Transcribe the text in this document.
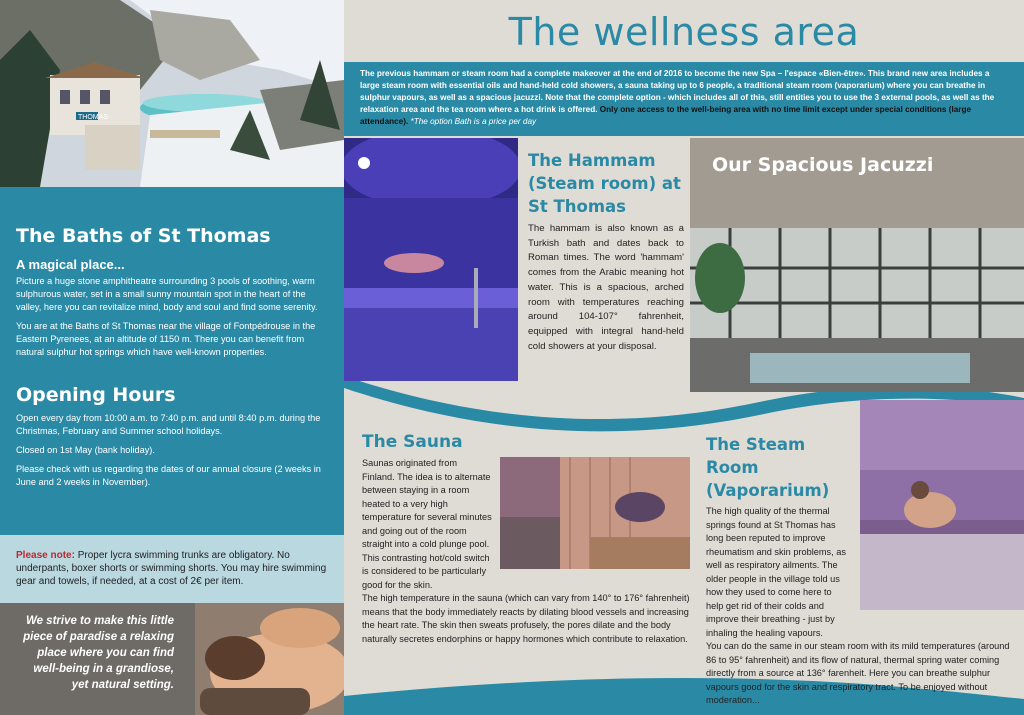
THOMAS
The Baths of St Thomas
A magical place...

Picture a huge stone amphitheatre surrounding 3 pools of soothing, warm sulphurous water, set in a small sunny mountain spot in the heart of the valley, here you can revitalize mind, body and soul and find some serenity.

You are at the Baths of St Thomas near the village of Fontpédrouse in the Eastern Pyrenees, at an altitude of 1150 m. There you can benefit from natural sulphur hot springs which have well-known properties.

Opening Hours

Open every day from 10:00 a.m. to 7:40 p.m. and until 8:40 p.m. during the Christmas, February and Summer school holidays.

Closed on 1st May (bank holiday).

Please check with us regarding the dates of our annual closure (2 weeks in June and 2 weeks in November).

Please note: Proper lycra swimming trunks are obligatory. No underpants, boxer shorts or swimming shorts. You may hire swimming gear and towels, if needed, at a cost of 2€ per item.
We strive to make this little piece of paradise a relaxing place where you can find well-being in a grandiose, yet natural setting.
The wellness area
The previous hammam or steam room had a complete makeover at the end of 2016 to become the new Spa – l'espace «Bien-être». This brand new area includes a large steam room with essential oils and hand-held cold showers, a sauna taking up to 6 people, a traditional steam room (vaporarium) where you can breathe in sulphur vapours, as well as a spacious jacuzzi. Note that the complete option - which includes all of this, still entities you to use the 3 external pools, as well as the relaxation area and the tea room where a hot drink is offered. Only one access to the well-being area with no time limit except under special conditions (large attendance). *The option Bath is a price per day
The Hammam (Steam room) at St Thomas

The hammam is also known as a Turkish bath and dates back to Roman times. The word 'hammam' comes from the Arabic meaning hot water. This is a spacious, arched room with temperatures reaching around 104-107° fahrenheit, equipped with integral hand-held cold showers at your disposal.

Our Spacious Jacuzzi
The Sauna

Saunas originated from Finland. The idea is to alternate between staying in a room heated to a very high temperature for several minutes and going out of the room straight into a cold plunge pool. This contrasting hot/cold switch is considered to be particularly good for the skin.

The high temperature in the sauna (which can vary from 140° to 176° fahrenheit) means that the body immediately reacts by dilating blood vessels and increasing the heart rate. The skin then sweats profusely, the pores dilate and the body naturally secretes endorphins or happy hormones which contribute to relaxation.

The Steam Room (Vaporarium)

The high quality of the thermal springs found at St Thomas has long been reputed to improve rheumatism and skin problems, as well as respiratory ailments. The older people in the village told us how they used to come here to help get rid of their colds and improve their breathing - just by inhaling the healing vapours.

You can do the same in our steam room with its mild temperatures (around 86 to 95° fahrenheit) and its flow of natural, thermal spring water coming directly from a source at 136° farenheit. Here you can breathe sulphur vapours good for the skin and respiratory tract. To be enjoyed without moderation...
